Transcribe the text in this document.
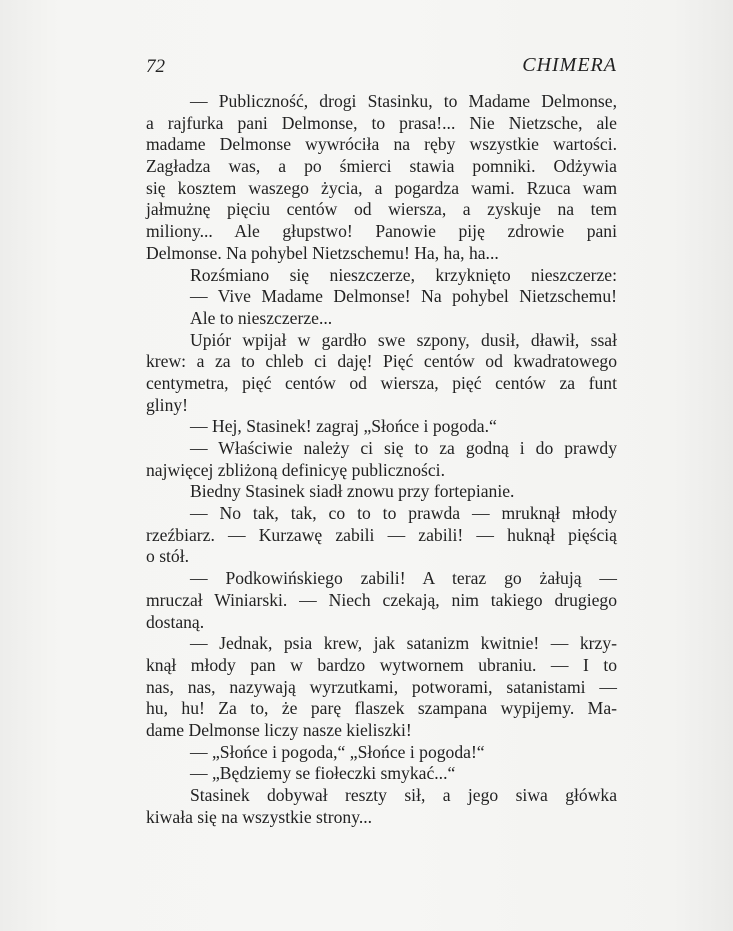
72	CHIMERA
— Publiczność, drogi Stasinku, to Madame Delmonse,
a rajfurka pani Delmonse, to prasa!... Nie Nietzsche, ale
madame Delmonse wywróciła na ręby wszystkie wartości.
Zagładza was, a po śmierci stawia pomniki. Odżywia
się kosztem waszego życia, a pogardza wami. Rzuca wam
jałmużnę pięciu centów od wiersza, a zyskuje na tem
miliony... Ale głupstwo! Panowie piję zdrowie pani
Delmonse. Na pohybel Nietzschemu! Ha, ha, ha...
Rozśmiano się nieszczerze, krzyknięto nieszczerze:
— Vive Madame Delmonse! Na pohybel Nietzschemu!
Ale to nieszczerze...
Upiór wpijał w gardło swe szpony, dusił, dławił, ssał
krew: a za to chleb ci daję! Pięć centów od kwadratowego
centymetra, pięć centów od wiersza, pięć centów za funt
gliny!
— Hej, Stasinek! zagraj „Słońce i pogoda.“
— Właściwie należy ci się to za godną i do prawdy
najwięcej zbliżoną definicyę publiczności.
Biedny Stasinek siadł znowu przy fortepianie.
— No tak, tak, co to to prawda — mruknął młody
rzeźbiarz. — Kurzawę zabili — zabili! — huknął pięścią
o stół.
— Podkowińskiego zabili! A teraz go żałują —
mruczał Winiarski. — Niech czekają, nim takiego drugiego
dostaną.
— Jednak, psia krew, jak satanizm kwitnie! — krzy-
knął młody pan w bardzo wytwornem ubraniu. — I to
nas, nas, nazywają wyrzutkami, potworami, satanistami —
hu, hu! Za to, że parę flaszek szampana wypijemy. Ma-
dame Delmonse liczy nasze kieliszki!
— „Słońce i pogoda,“ „Słońce i pogoda!“
— „Będziemy se fiołeczki smykać...“
Stasinek dobywał reszty sił, a jego siwa główka
kiwała się na wszystkie strony...
